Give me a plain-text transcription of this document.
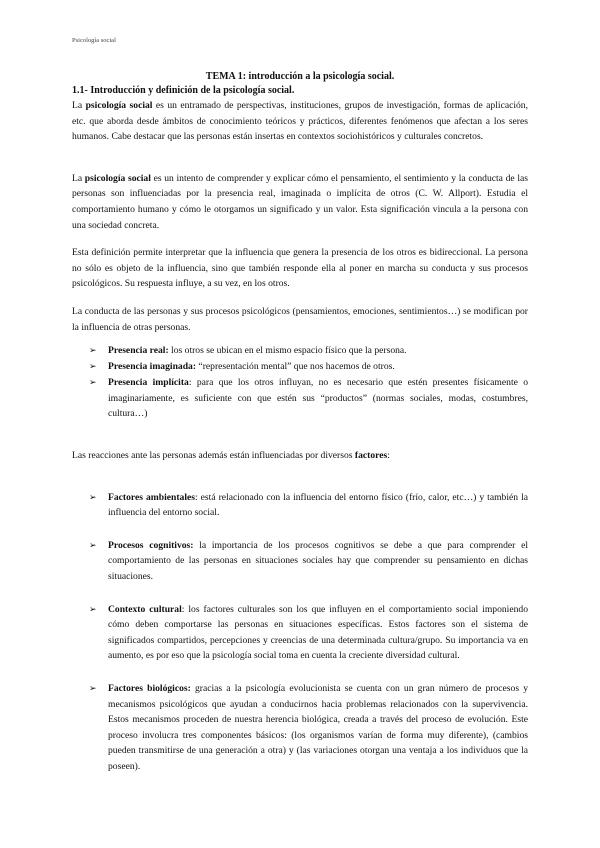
Psicología social

TEMA 1: introducción a la psicología social.

1.1- Introducción y definición de la psicología social.

La psicología social es un entramado de perspectivas, instituciones, grupos de investigación, formas de aplicación, etc. que aborda desde ámbitos de conocimiento teóricos y prácticos, diferentes fenómenos que afectan a los seres humanos. Cabe destacar que las personas están insertas en contextos sociohistóricos y culturales concretos.

La psicología social es un intento de comprender y explicar cómo el pensamiento, el sentimiento y la conducta de las personas son influenciadas por la presencia real, imaginada o implícita de otros (C. W. Allport). Estudia el comportamiento humano y cómo le otorgamos un significado y un valor. Esta significación vincula a la persona con una sociedad concreta.

Esta definición permite interpretar que la influencia que genera la presencia de los otros es bidireccional. La persona no sólo es objeto de la influencia, sino que también responde ella al poner en marcha su conducta y sus procesos psicológicos. Su respuesta influye, a su vez, en los otros.

La conducta de las personas y sus procesos psicológicos (pensamientos, emociones, sentimientos…) se modifican por la influencia de otras personas.

➢ Presencia real: los otros se ubican en el mismo espacio físico que la persona.
➢ Presencia imaginada: “representación mental” que nos hacemos de otros.
➢ Presencia implícita: para que los otros influyan, no es necesario que estén presentes físicamente o imaginariamente, es suficiente con que estén sus “productos” (normas sociales, modas, costumbres, cultura…)

Las reacciones ante las personas además están influenciadas por diversos factores:

➢ Factores ambientales: está relacionado con la influencia del entorno físico (frío, calor, etc…) y también la influencia del entorno social.
➢ Procesos cognitivos: la importancia de los procesos cognitivos se debe a que para comprender el comportamiento de las personas en situaciones sociales hay que comprender su pensamiento en dichas situaciones.
➢ Contexto cultural: los factores culturales son los que influyen en el comportamiento social imponiendo cómo deben comportarse las personas en situaciones específicas. Estos factores son el sistema de significados compartidos, percepciones y creencias de una determinada cultura/grupo. Su importancia va en aumento, es por eso que la psicología social toma en cuenta la creciente diversidad cultural.
➢ Factores biológicos: gracias a la psicología evolucionista se cuenta con un gran número de procesos y mecanismos psicológicos que ayudan a conducirnos hacia problemas relacionados con la supervivencia. Estos mecanismos proceden de nuestra herencia biológica, creada a través del proceso de evolución. Este proceso involucra tres componentes básicos: (los organismos varían de forma muy diferente), (cambios pueden transmitirse de una generación a otra) y (las variaciones otorgan una ventaja a los individuos que la poseen).
